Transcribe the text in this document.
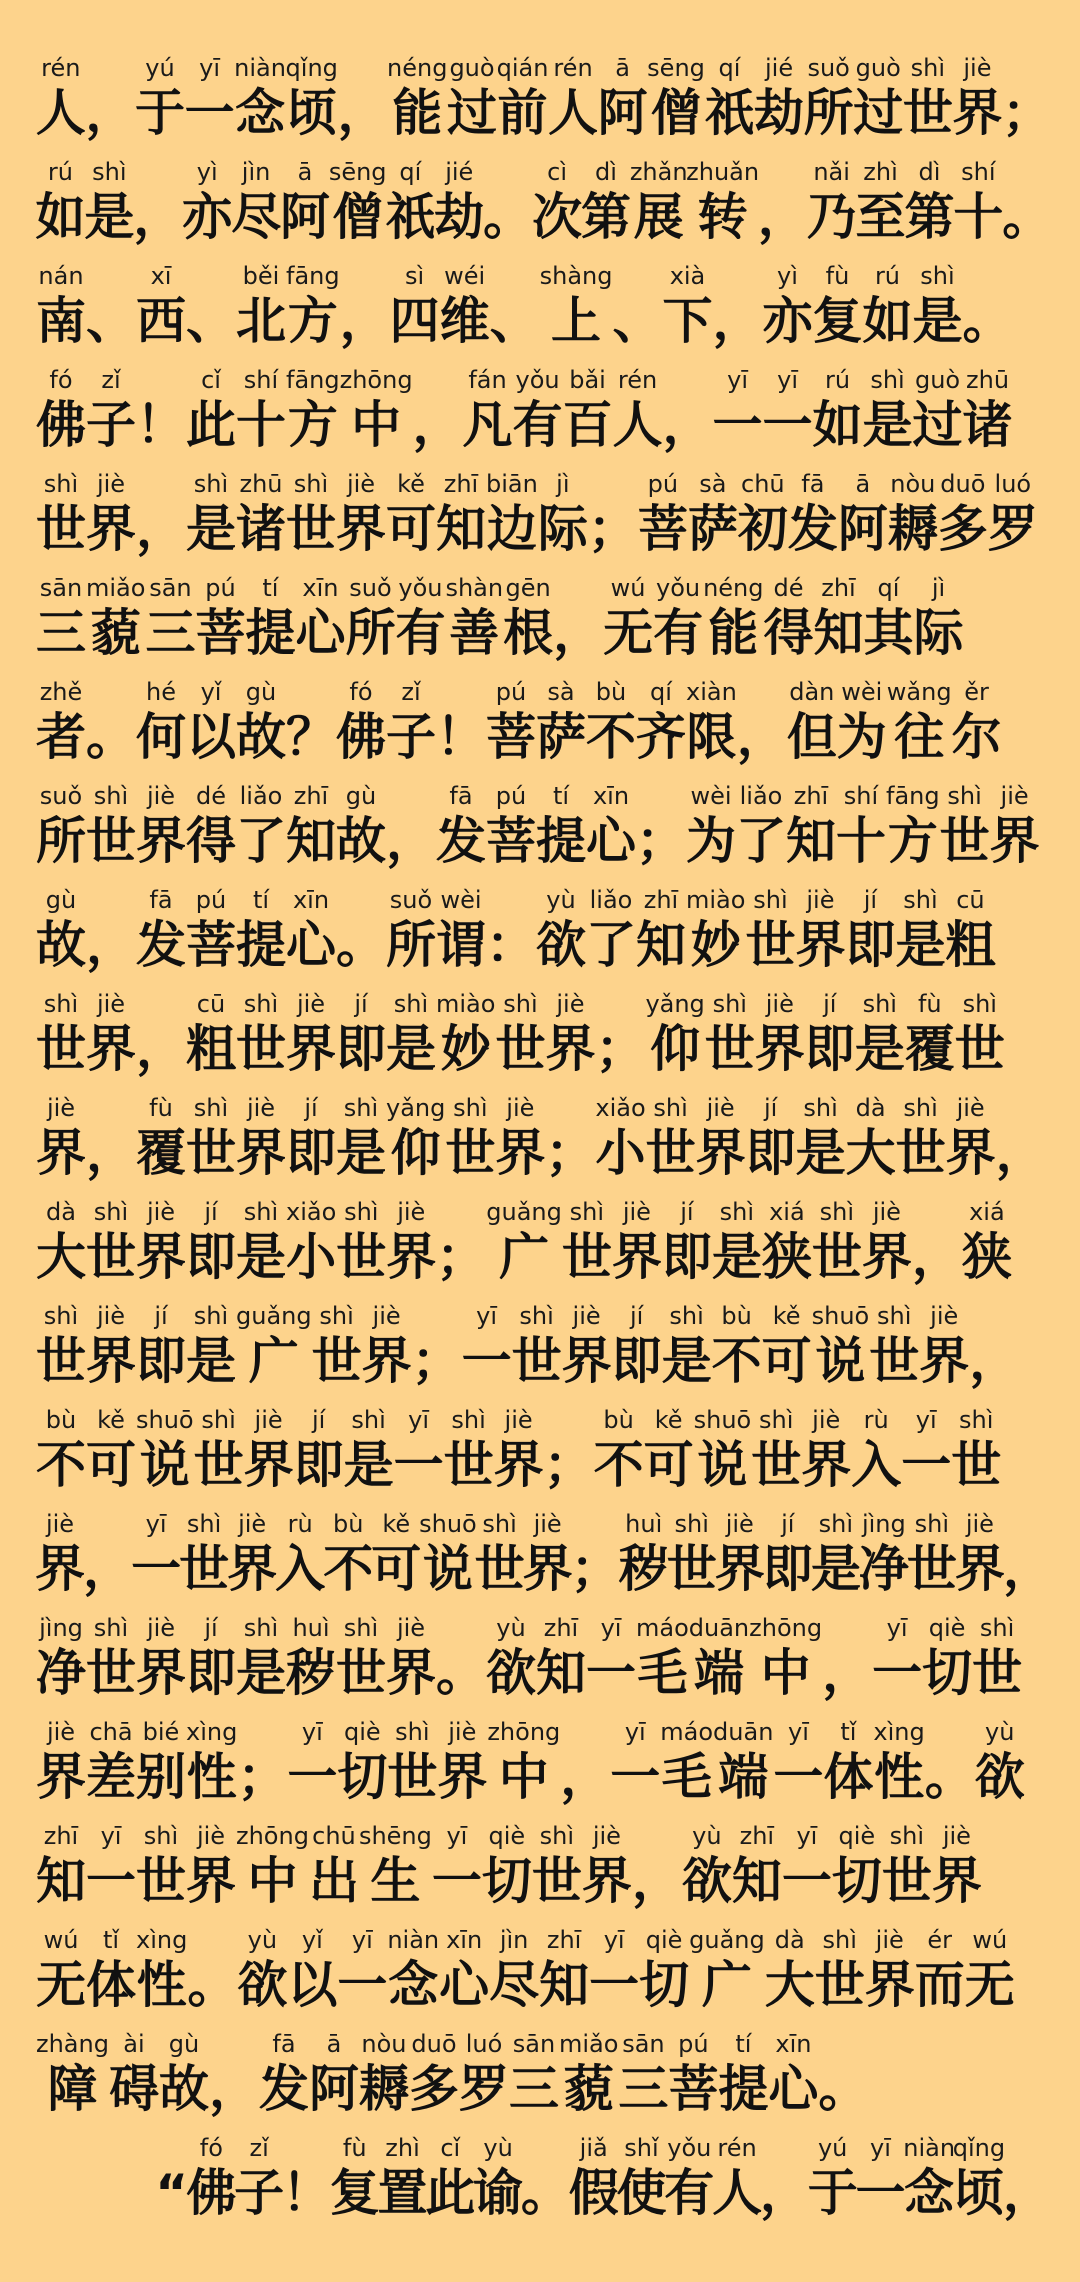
rén
人 ，
yú
于
yī
一
niàn
念
qǐng
顷 ，
néng
能
guò
过
qián
前
rén
人
ā
阿
sēng
僧
qí
祇
jié
劫
suǒ
所
guò
过
shì
世
jiè
界 ；
rú
如
shì
是
，
yì
亦
jìn
尽
ā
阿
sēng
僧
qí
祇
jié
劫
。
cì
次
dì
第
zhǎn
展
zhuǎn
转 ，
nǎi
乃
zhì
至
dì
第
shí
十
。
nán
南 、
xī
西 、
běi
北
fāng
方 ，
sì
四
wéi
维 、
shàng
上 、
xià
下 ，
yì
亦
fù
复
rú
如
shì
是 。
fó
佛
zǐ
子 ！
cǐ
此
shí
十
fāng
方
zhōng
中 ，
fán
凡
yǒu
有
bǎi
百
rén
人 ，
yī
一
yī
一
rú
如
shì
是
guò
过
zhū
诸
shì
世
jiè
界 ，
shì
是
zhū
诸
shì
世
jiè
界
kě
可
zhī
知
biān
边
jì
际 ；
pú
菩
sà
萨
chū
初
fā
发
ā
阿
nòu
耨
duō
多
luó
罗
sān
三
miǎo
藐
sān
三
pú
菩
tí
提
xīn
心
suǒ
所
yǒu
有
shàn
善
gēn
根 ，
wú
无
yǒu
有
néng
能
dé
得
zhī
知
qí
其
jì
际
zhě
者 。
hé
何
yǐ
以
gù
故 ？
fó
佛
zǐ
子 ！
pú
菩
sà
萨
bù
不
qí
齐
xiàn
限 ，
dàn
但
wèi
为
wǎng
往
ěr
尔
suǒ
所
shì
世
jiè
界
dé
得
liǎo
了
zhī
知
gù
故 ，
fā
发
pú
菩
tí
提
xīn
心 ；
wèi
为
liǎo
了
zhī
知
shí
十
fāng
方
shì
世
jiè
界
gù
故 ，
fā
发
pú
菩
tí
提
xīn
心 。
suǒ
所
wèi
谓 ：
yù
欲
liǎo
了
zhī
知
miào
妙
shì
世
jiè
界
jí
即
shì
是
cū
粗
shì
世
jiè
界 ，
cū
粗
shì
世
jiè
界
jí
即
shì
是
miào
妙
shì
世
jiè
界 ；
yǎng
仰
shì
世
jiè
界
jí
即
shì
是
fù
覆
shì
世
jiè
界 ，
fù
覆
shì
世
jiè
界
jí
即
shì
是
yǎng
仰
shì
世
jiè
界 ；
xiǎo
小
shì
世
jiè
界
jí
即
shì
是
dà
大
shì
世
jiè
界 ，
dà
大
shì
世
jiè
界
jí
即
shì
是
xiǎo
小
shì
世
jiè
界 ；
guǎng
广
shì
世
jiè
界
jí
即
shì
是
xiá
狭
shì
世
jiè
界 ，
xiá
狭
shì
世
jiè
界
jí
即
shì
是
guǎng
广
shì
世
jiè
界 ；
yī
一
shì
世
jiè
界
jí
即
shì
是
bù
不
kě
可
shuō
说
shì
世
jiè
界 ，
bù
不
kě
可
shuō
说
shì
世
jiè
界
jí
即
shì
是
yī
一
shì
世
jiè
界 ；
bù
不
kě
可
shuō
说
shì
世
jiè
界
rù
入
yī
一
shì
世
jiè
界
，
yī
一
shì
世
jiè
界
rù
入
bù
不
kě
可
shuō
说
shì
世
jiè
界
；
huì
秽
shì
世
jiè
界
jí
即
shì
是
jìng
净
shì
世
jiè
界
，
jìng
净
shì
世
jiè
界
jí
即
shì
是
huì
秽
shì
世
jiè
界 。
yù
欲
zhī
知
yī
一
máo
毛
duān
端
zhōng
中 ，
yī
一
qiè
切
shì
世
jiè
界
chā
差
bié
别
xìng
性 ；
yī
一
qiè
切
shì
世
jiè
界
zhōng
中 ，
yī
一
máo
毛
duān
端
yī
一
tǐ
体
xìng
性 。
yù
欲
zhī
知
yī
一
shì
世
jiè
界
zhōng
中
chū
出
shēng
生
yī
一
qiè
切
shì
世
jiè
界 ，
yù
欲
zhī
知
yī
一
qiè
切
shì
世
jiè
界
wú
无
tǐ
体
xìng
性 。
yù
欲
yǐ
以
yī
一
niàn
念
xīn
心
jìn
尽
zhī
知
yī
一
qiè
切
guǎng
广
dà
大
shì
世
jiè
界
ér
而
wú
无
zhàng
障
ài
碍
gù
故 ，
fā
发
ā
阿
nòu
耨
duō
多
luó
罗
sān
三
miǎo
藐
sān
三
pú
菩
tí
提
xīn
心 。
“
fó
佛
zǐ
子
！
fù
复
zhì
置
cǐ
此
yù
谕
。
jiǎ
假
shǐ
使
yǒu
有
rén
人
，
yú
于
yī
一
niàn
念
qǐng
顷
，
